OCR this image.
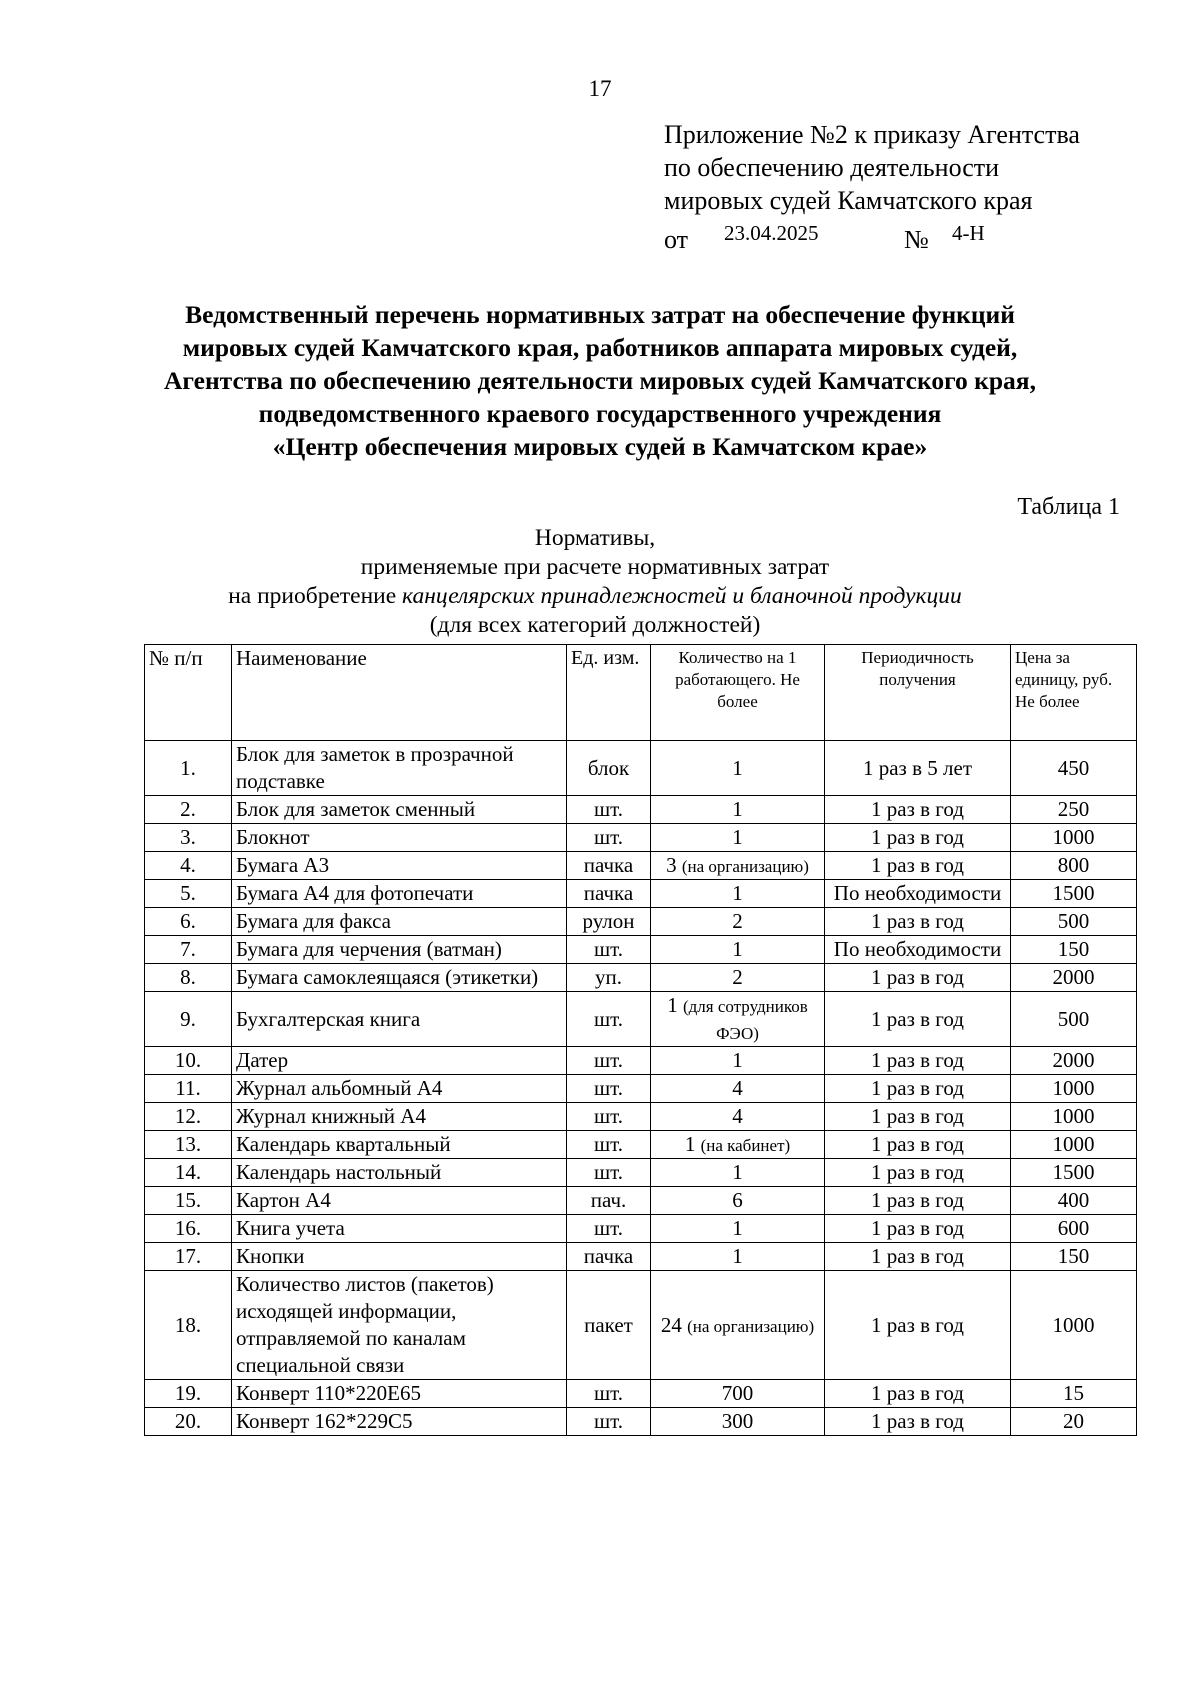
17
Приложение №2 к приказу Агентства
по обеспечению деятельности
мировых судей Камчатского края
от 23.04.2025	№ 4-Н
Ведомственный перечень нормативных затрат на обеспечение функций
мировых судей Камчатского края, работников аппарата мировых судей,
Агентства по обеспечению деятельности мировых судей Камчатского края,
подведомственного краевого государственного учреждения
«Центр обеспечения мировых судей в Камчатском крае»
Таблица 1
Нормативы,
применяемые при расчете нормативных затрат
на приобретение канцелярских принадлежностей и бланочной продукции
(для всех категорий должностей)
№ п/п	Наименование	Ед. изм.	Количество на 1 работающего. Не более	Периодичность получения	Цена за единицу, руб. Не более
1.	Блок для заметок в прозрачной подставке	блок	1	1 раз в 5 лет	450
2.	Блок для заметок сменный	шт.	1	1 раз в год	250
3.	Блокнот	шт.	1	1 раз в год	1000
4.	Бумага А3	пачка	3 (на организацию)	1 раз в год	800
5.	Бумага А4 для фотопечати	пачка	1	По необходимости	1500
6.	Бумага для факса	рулон	2	1 раз в год	500
7.	Бумага для черчения (ватман)	шт.	1	По необходимости	150
8.	Бумага самоклеящаяся (этикетки)	уп.	2	1 раз в год	2000
9.	Бухгалтерская книга	шт.	1 (для сотрудников ФЭО)	1 раз в год	500
10.	Датер	шт.	1	1 раз в год	2000
11.	Журнал альбомный А4	шт.	4	1 раз в год	1000
12.	Журнал книжный А4	шт.	4	1 раз в год	1000
13.	Календарь квартальный	шт.	1 (на кабинет)	1 раз в год	1000
14.	Календарь настольный	шт.	1	1 раз в год	1500
15.	Картон А4	пач.	6	1 раз в год	400
16.	Книга учета	шт.	1	1 раз в год	600
17.	Кнопки	пачка	1	1 раз в год	150
18.	Количество листов (пакетов) исходящей информации, отправляемой по каналам специальной связи	пакет	24 (на организацию)	1 раз в год	1000
19.	Конверт 110*220Е65	шт.	700	1 раз в год	15
20.	Конверт 162*229С5	шт.	300	1 раз в год	20
